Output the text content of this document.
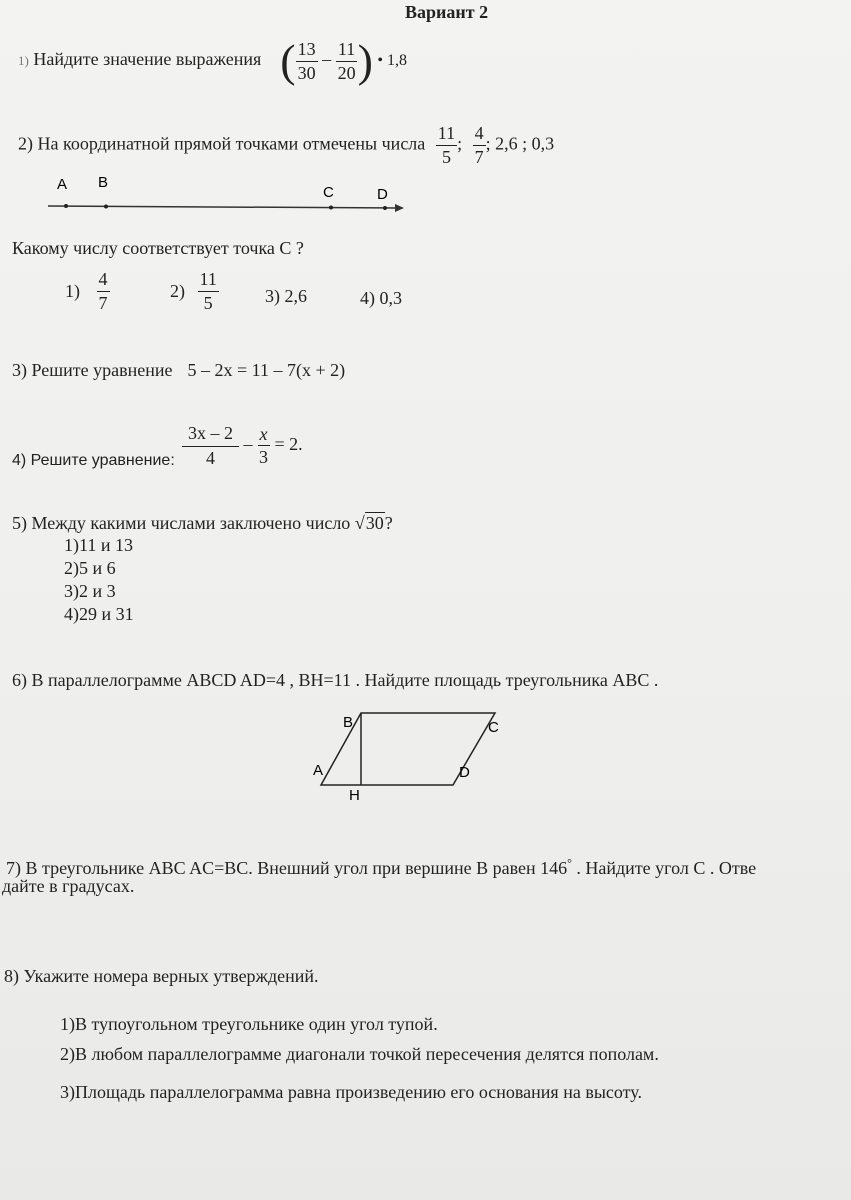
Вариант 2
1) Найдите значение выражения ( $\frac{13}{30} - \frac{11}{20}$ ) • 1,8
2) На координатной прямой точками отмечены числа $\frac{11}{5}$ ; $\frac{4}{7}$ ; 2,6 ; 0,3
A B
C	D
Какому числу соответствует точка С ?
$1) \frac{4}{7}$	$2) \frac{11}{5}$	3) 2,6	4) 0,3
3) Решите уравнение 5 – 2x = 11 – 7(x + 2)
4) Решите уравнение: $\frac{3x - 2}{4} - \frac{x}{3} = 2$.
5) Между какими числами заключено число √ 30 ?
1)11 и 13
2)5 и 6
3)2 и 3
4)29 и 31
6) В параллелограмме ABCD AD=4 , BH=11 . Найдите площадь треугольника АВС .
B	C
A	D
H
7) В треугольнике ABC AC=BC. Внешний угол при вершине В равен 146° . Найдите угол С . Отве
дайте в градусах.
8) Укажите номера верных утверждений.
1)В тупоугольном треугольнике один угол тупой.
2)В любом параллелограмме диагонали точкой пересечения делятся пополам.
3)Площадь параллелограмма равна произведению его основания на высоту.
